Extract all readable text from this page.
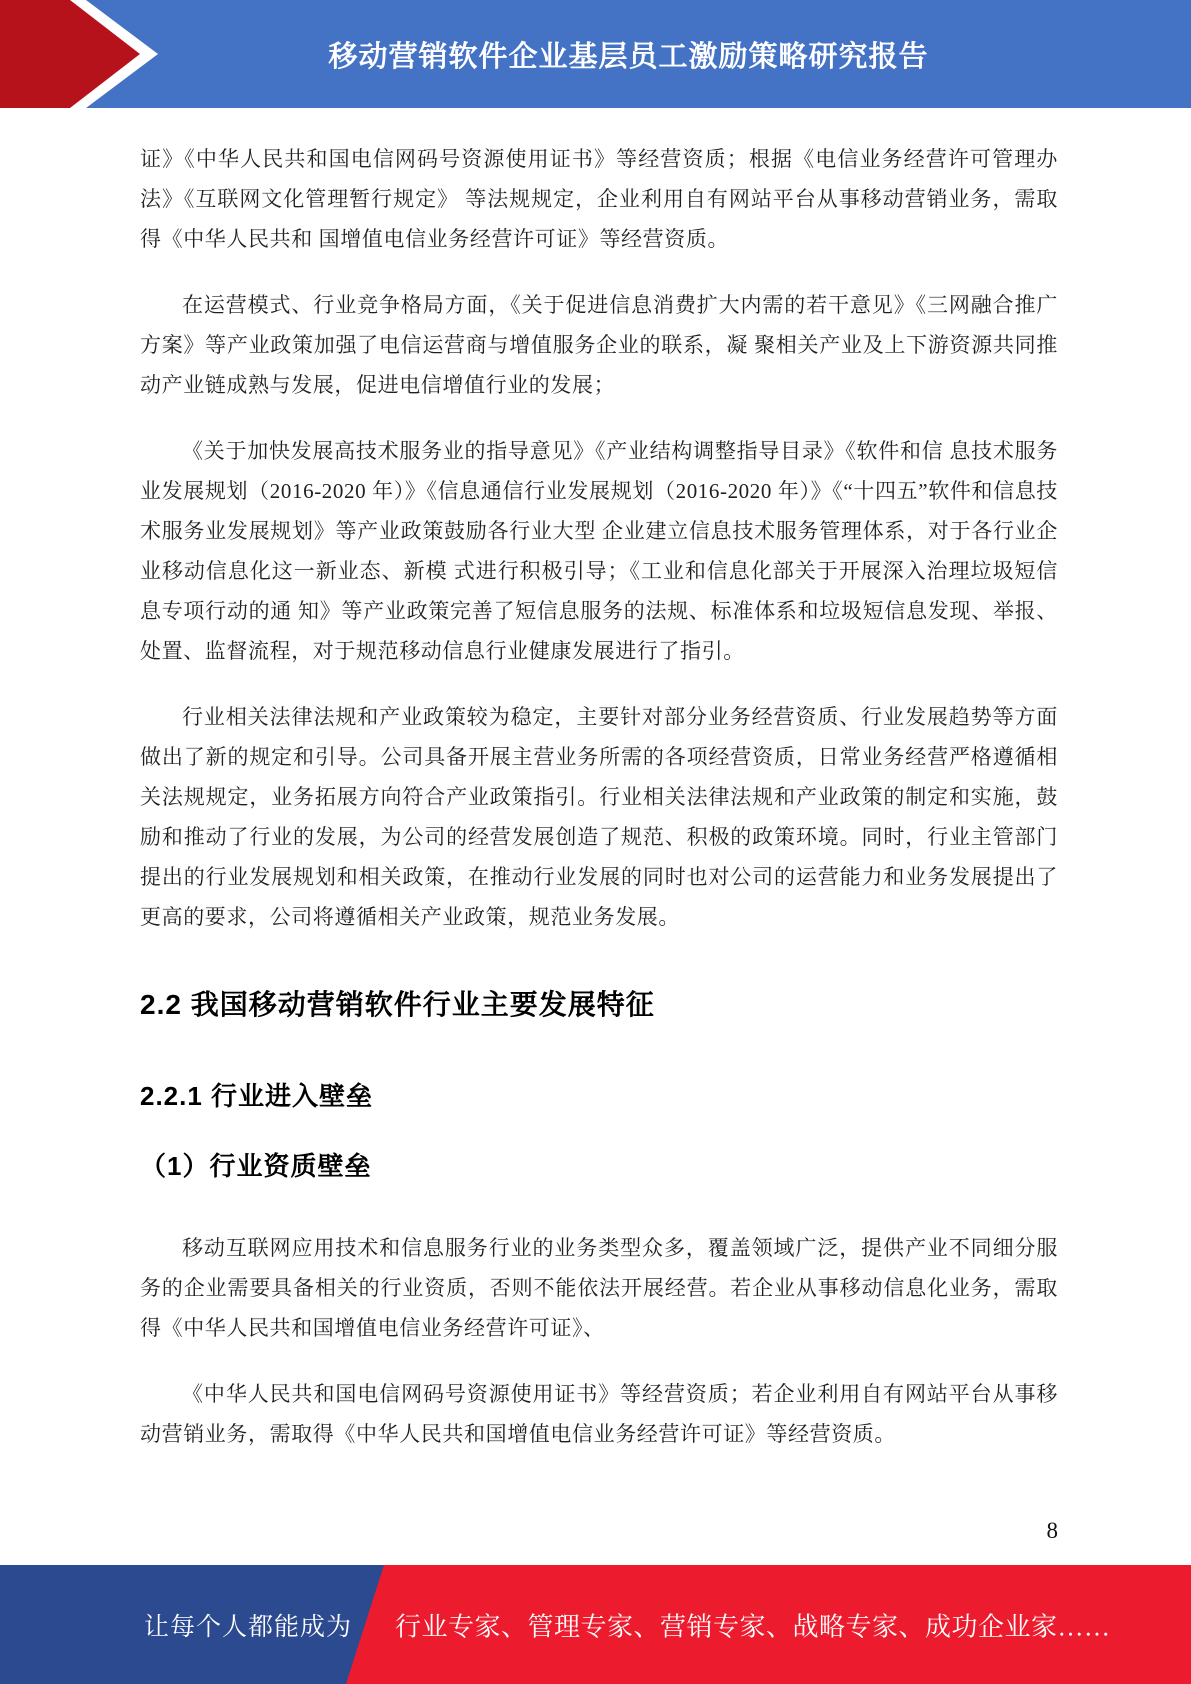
移动营销软件企业基层员工激励策略研究报告

证》《中华人民共和国电信网码号资源使用证书》等经营资质；根据《电信业务经营许可管理办法》《互联网文化管理暂行规定》 等法规规定，企业利用自有网站平台从事移动营销业务，需取得《中华人民共和 国增值电信业务经营许可证》等经营资质。

在运营模式、行业竞争格局方面，《关于促进信息消费扩大内需的若干意见》《三网融合推广方案》等产业政策加强了电信运营商与增值服务企业的联系，凝 聚相关产业及上下游资源共同推动产业链成熟与发展，促进电信增值行业的发展；

《关于加快发展高技术服务业的指导意见》《产业结构调整指导目录》《软件和信 息技术服务业发展规划（2016-2020 年）》《信息通信行业发展规划（2016-2020 年）》《“十四五”软件和信息技术服务业发展规划》等产业政策鼓励各行业大型 企业建立信息技术服务管理体系，对于各行业企业移动信息化这一新业态、新模 式进行积极引导；《工业和信息化部关于开展深入治理垃圾短信息专项行动的通 知》等产业政策完善了短信息服务的法规、标准体系和垃圾短信息发现、举报、 处置、监督流程，对于规范移动信息行业健康发展进行了指引。

行业相关法律法规和产业政策较为稳定，主要针对部分业务经营资质、行业发展趋势等方面做出了新的规定和引导。公司具备开展主营业务所需的各项经营资质，日常业务经营严格遵循相关法规规定，业务拓展方向符合产业政策指引。行业相关法律法规和产业政策的制定和实施，鼓励和推动了行业的发展，为公司的经营发展创造了规范、积极的政策环境。同时，行业主管部门提出的行业发展规划和相关政策，在推动行业发展的同时也对公司的运营能力和业务发展提出了更高的要求，公司将遵循相关产业政策，规范业务发展。

2.2 我国移动营销软件行业主要发展特征
2.2.1 行业进入壁垒
（1）行业资质壁垒

移动互联网应用技术和信息服务行业的业务类型众多，覆盖领域广泛，提供产业不同细分服务的企业需要具备相关的行业资质，否则不能依法开展经营。若企业从事移动信息化业务，需取得《中华人民共和国增值电信业务经营许可证》、

《中华人民共和国电信网码号资源使用证书》等经营资质；若企业利用自有网站平台从事移动营销业务，需取得《中华人民共和国增值电信业务经营许可证》等经营资质。

8
让每个人都能成为 行业专家、管理专家、营销专家、战略专家、成功企业家……
